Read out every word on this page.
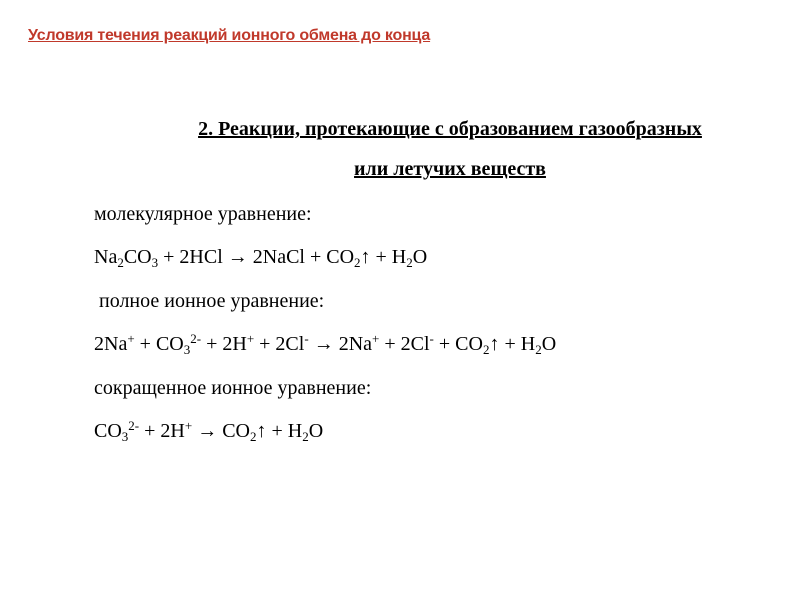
Условия течения реакций ионного обмена до конца
2. Реакции, протекающие с образованием газообразных
или летучих веществ
молекулярное уравнение:
$Na_2CO_3 + 2HCl$ → 2NaCl + $CO_2↑ + H_2O$
полное ионное уравнение:
$2Na^+ + CO_3^{2-} + 2H^+ + 2Cl^- \to 2Na^+ + 2Cl^-$ + $CO_2↑ + H_2O$
сокращенное ионное уравнение:
$CO_3^{2-} + 2H^+$ → $CO_2↑ + H_2O$
